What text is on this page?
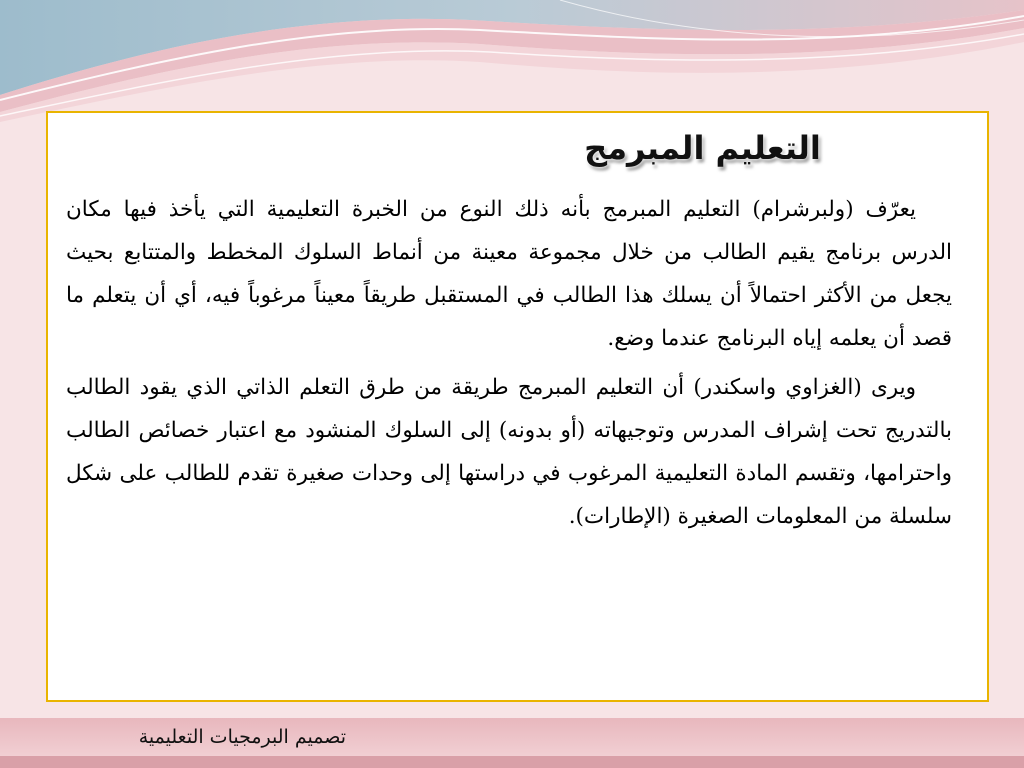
التعليم المبرمج

يعرّف (ولبرشرام) التعليم المبرمج بأنه ذلك النوع من الخبرة التعليمية التي يأخذ فيها مكان الدرس برنامج يقيم الطالب من خلال مجموعة معينة من أنماط السلوك المخطط والمتتابع بحيث يجعل من الأكثر احتمالاً أن يسلك هذا الطالب في المستقبل طريقاً معيناً مرغوباً فيه، أي أن يتعلم ما قصد أن يعلمه إياه البرنامج عندما وضع.

ويرى (الغزاوي واسكندر) أن التعليم المبرمج طريقة من طرق التعلم الذاتي الذي يقود الطالب بالتدريج تحت إشراف المدرس وتوجيهاته (أو بدونه) إلى السلوك المنشود مع اعتبار خصائص الطالب واحترامها، وتقسم المادة التعليمية المرغوب في دراستها إلى وحدات صغيرة تقدم للطالب على شكل سلسلة من المعلومات الصغيرة (الإطارات).

تصميم البرمجيات التعليمية
